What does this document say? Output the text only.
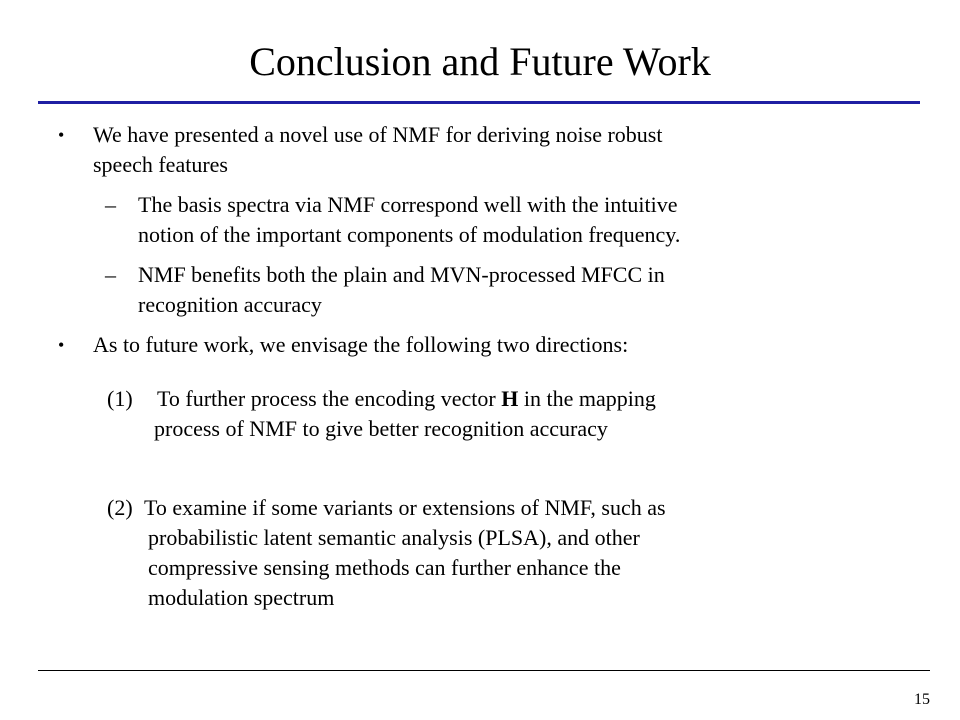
Conclusion and Future Work
• We have presented a novel use of NMF for deriving noise robust
speech features
– The basis spectra via NMF correspond well with the intuitive
notion of the important components of modulation frequency.
– NMF benefits both the plain and MVN-processed MFCC in
recognition accuracy
• As to future work, we envisage the following two directions:
(1) To further process the encoding vector H in the mapping
process of NMF to give better recognition accuracy
(2) To examine if some variants or extensions of NMF, such as
probabilistic latent semantic analysis (PLSA), and other
compressive sensing methods can further enhance the
modulation spectrum
15
